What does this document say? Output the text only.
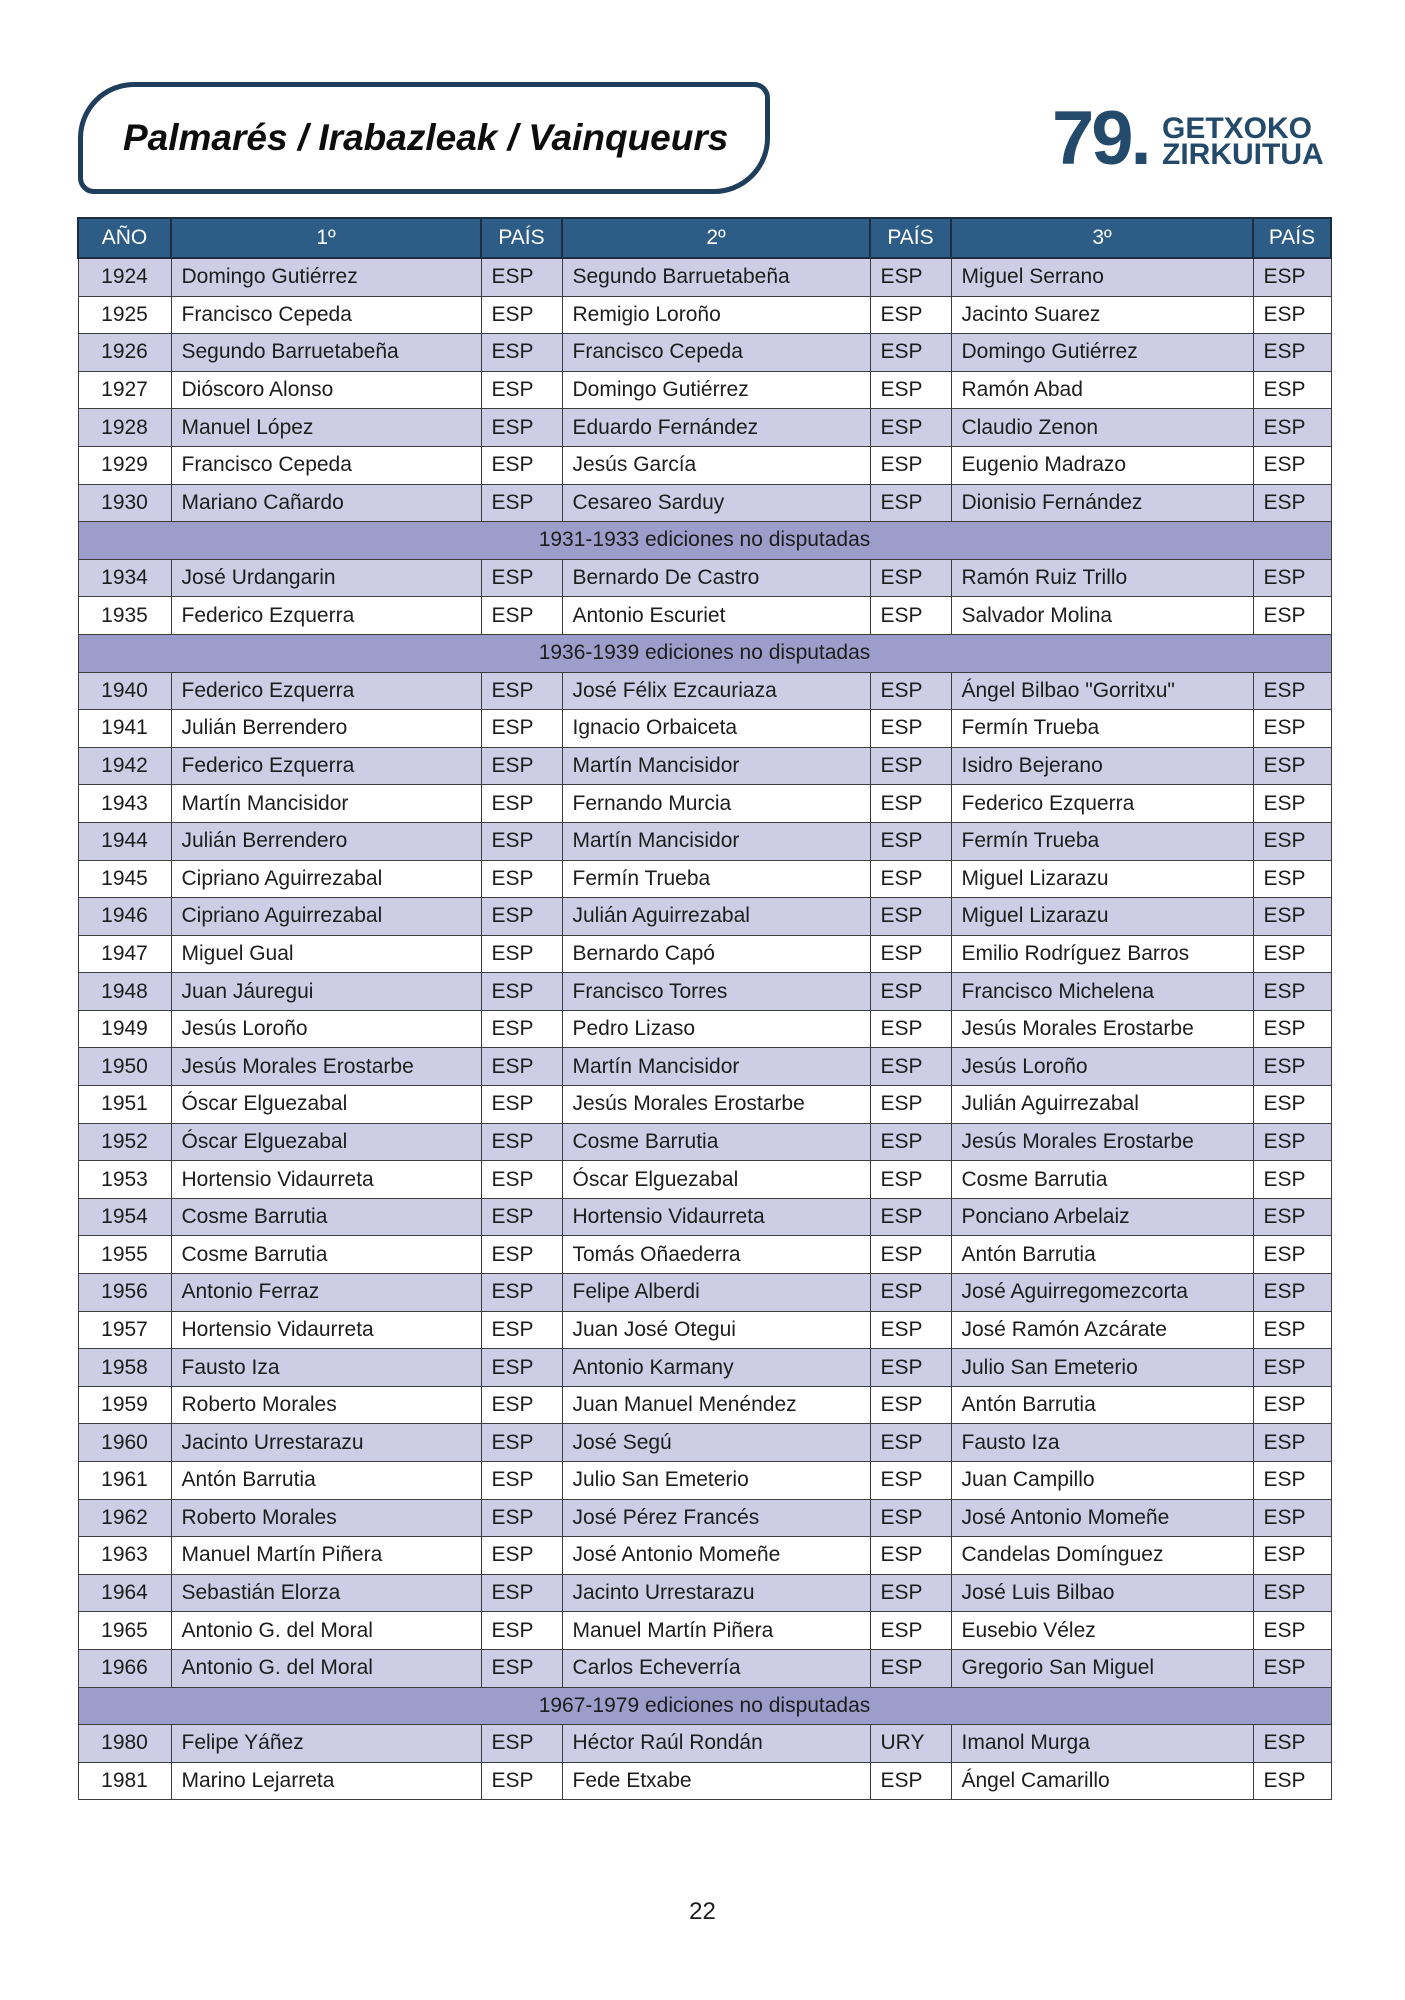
Palmarés / Irabazleak / Vainqueurs	79. GETXOKO
ZIRKUITUA
AÑO	1º	PAÍS	2º	PAÍS	3º	PAÍS
1924	Domingo Gutiérrez	ESP	Segundo Barruetabeña	ESP	Miguel Serrano	ESP
1925	Francisco Cepeda	ESP	Remigio Loroño	ESP	Jacinto Suarez	ESP
1926	Segundo Barruetabeña	ESP	Francisco Cepeda	ESP	Domingo Gutiérrez	ESP
1927	Dióscoro Alonso	ESP	Domingo Gutiérrez	ESP	Ramón Abad	ESP
1928	Manuel López	ESP	Eduardo Fernández	ESP	Claudio Zenon	ESP
1929	Francisco Cepeda	ESP	Jesús García	ESP	Eugenio Madrazo	ESP
1930	Mariano Cañardo	ESP	Cesareo Sarduy	ESP	Dionisio Fernández	ESP
1931-1933 ediciones no disputadas						
1934	José Urdangarin	ESP	Bernardo De Castro	ESP	Ramón Ruiz Trillo	ESP
1935	Federico Ezquerra	ESP	Antonio Escuriet	ESP	Salvador Molina	ESP
1936-1939 ediciones no disputadas						
1940	Federico Ezquerra	ESP	José Félix Ezcauriaza	ESP	Ángel Bilbao "Gorritxu"	ESP
1941	Julián Berrendero	ESP	Ignacio Orbaiceta	ESP	Fermín Trueba	ESP
1942	Federico Ezquerra	ESP	Martín Mancisidor	ESP	Isidro Bejerano	ESP
1943	Martín Mancisidor	ESP	Fernando Murcia	ESP	Federico Ezquerra	ESP
1944	Julián Berrendero	ESP	Martín Mancisidor	ESP	Fermín Trueba	ESP
1945	Cipriano Aguirrezabal	ESP	Fermín Trueba	ESP	Miguel Lizarazu	ESP
1946	Cipriano Aguirrezabal	ESP	Julián Aguirrezabal	ESP	Miguel Lizarazu	ESP
1947	Miguel Gual	ESP	Bernardo Capó	ESP	Emilio Rodríguez Barros	ESP
1948	Juan Jáuregui	ESP	Francisco Torres	ESP	Francisco Michelena	ESP
1949	Jesús Loroño	ESP	Pedro Lizaso	ESP	Jesús Morales Erostarbe	ESP
1950	Jesús Morales Erostarbe	ESP	Martín Mancisidor	ESP	Jesús Loroño	ESP
1951	Óscar Elguezabal	ESP	Jesús Morales Erostarbe	ESP	Julián Aguirrezabal	ESP
1952	Óscar Elguezabal	ESP	Cosme Barrutia	ESP	Jesús Morales Erostarbe	ESP
1953	Hortensio Vidaurreta	ESP	Óscar Elguezabal	ESP	Cosme Barrutia	ESP
1954	Cosme Barrutia	ESP	Hortensio Vidaurreta	ESP	Ponciano Arbelaiz	ESP
1955	Cosme Barrutia	ESP	Tomás Oñaederra	ESP	Antón Barrutia	ESP
1956	Antonio Ferraz	ESP	Felipe Alberdi	ESP	José Aguirregomezcorta	ESP
1957	Hortensio Vidaurreta	ESP	Juan José Otegui	ESP	José Ramón Azcárate	ESP
1958	Fausto Iza	ESP	Antonio Karmany	ESP	Julio San Emeterio	ESP
1959	Roberto Morales	ESP	Juan Manuel Menéndez	ESP	Antón Barrutia	ESP
1960	Jacinto Urrestarazu	ESP	José Segú	ESP	Fausto Iza	ESP
1961	Antón Barrutia	ESP	Julio San Emeterio	ESP	Juan Campillo	ESP
1962	Roberto Morales	ESP	José Pérez Francés	ESP	José Antonio Momeñe	ESP
1963	Manuel Martín Piñera	ESP	José Antonio Momeñe	ESP	Candelas Domínguez	ESP
1964	Sebastián Elorza	ESP	Jacinto Urrestarazu	ESP	José Luis Bilbao	ESP
1965	Antonio G. del Moral	ESP	Manuel Martín Piñera	ESP	Eusebio Vélez	ESP
1966	Antonio G. del Moral	ESP	Carlos Echeverría	ESP	Gregorio San Miguel	ESP
1967-1979 ediciones no disputadas						
1980	Felipe Yáñez	ESP	Héctor Raúl Rondán	URY	Imanol Murga	ESP
1981	Marino Lejarreta	ESP	Fede Etxabe	ESP	Ángel Camarillo	ESP
22
